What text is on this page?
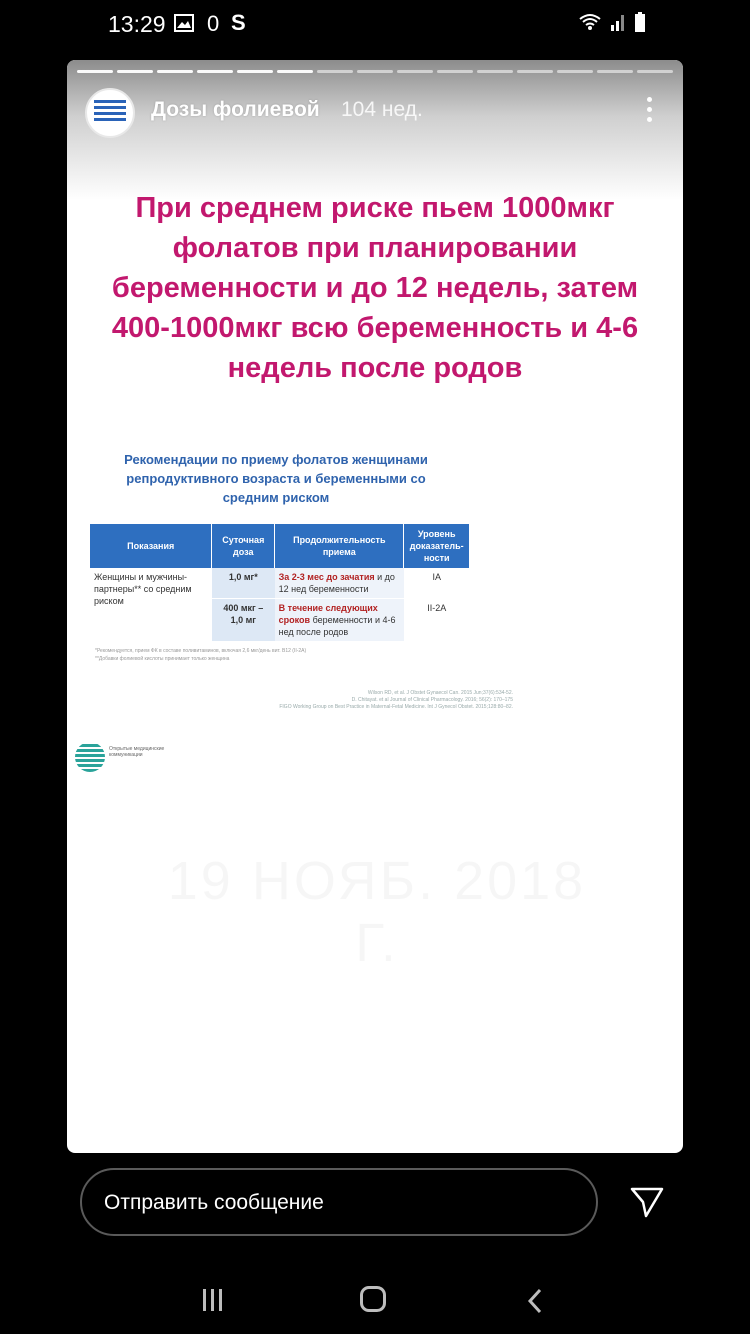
13:29 0 S
Дозы фолиевой 104 нед.
При среднем риске пьем 1000мкг фолатов при планировании беременности и до 12 недель, затем 400-1000мкг всю беременность и 4-6 недель после родов
Рекомендации по приему фолатов женщинами репродуктивного возраста и беременными со средним риском
Показания	Суточная доза	Продолжительность приема	Уровень доказатель-ности
Женщины и мужчины-партнеры** со средним риском	1,0 мг*	За 2-3 мес до зачатия и до 12 нед беременности	IA
	400 мкг – 1,0 мг	В течение следующих сроков беременности и 4-6 нед после родов	II-2A
*Рекомендуется, прием ФК в составе поливитаминов, включая 2,6 мкг/день вит. В12 (II-2A)
**Добавки фолиевой кислоты принимает только женщина
Wilson RD, et al. J Obstet Gynaecol Can. 2015 Jun;37(6):534-52.
D. Chitayat. et al Journal of Clinical Pharmacology. 2016; 56(2): 170–175
FIGO Working Group on Best Practice in Maternal-Fetal Medicine. Int J Gynecol Obstet. 2015;128:80–82.
Открытые медицинские коммуникации
Отправить сообщение
